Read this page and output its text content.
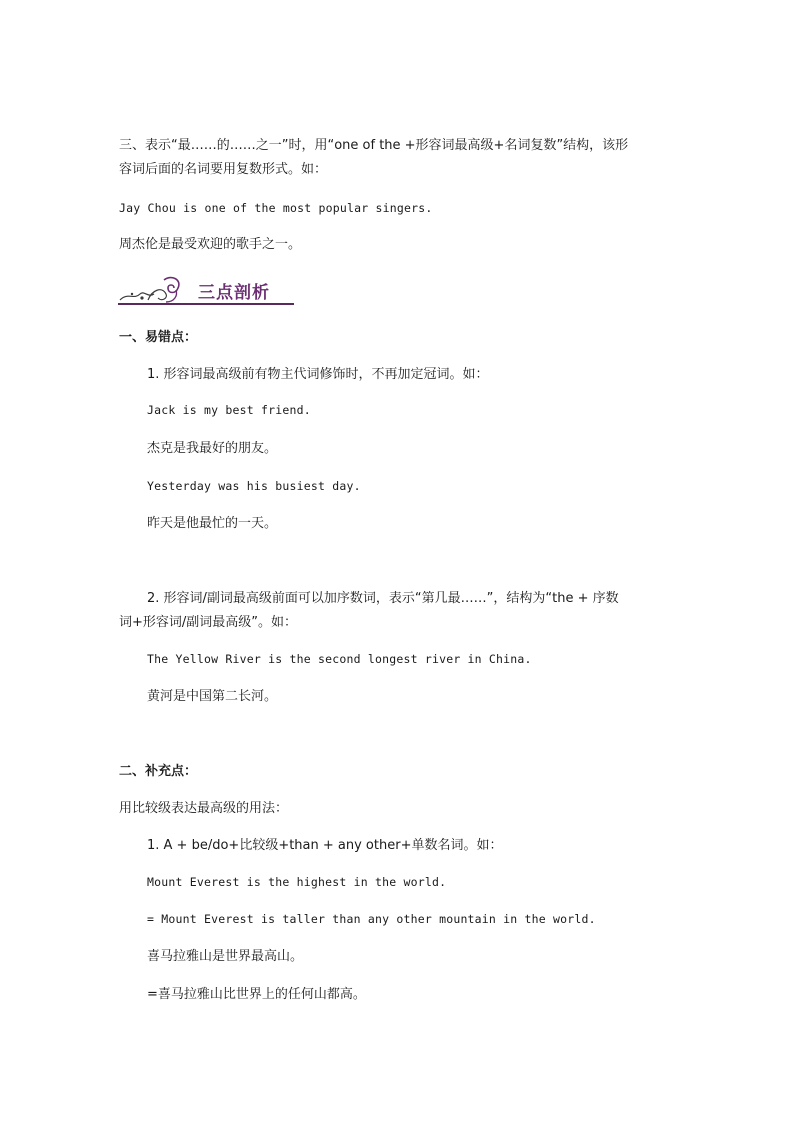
三、表示“最……的……之一”时，用“one of the +形容词最高级+名词复数”结构，该形
容词后面的名词要用复数形式。如：
Jay Chou is one of the most popular singers.
周杰伦是最受欢迎的歌手之一。
三点剖析
一、易错点：
1. 形容词最高级前有物主代词修饰时，不再加定冠词。如：
Jack is my best friend.
杰克是我最好的朋友。
Yesterday was his busiest day.
昨天是他最忙的一天。
2. 形容词/副词最高级前面可以加序数词，表示“第几最……”，结构为“the + 序数
词+形容词/副词最高级”。如：
The Yellow River is the second longest river in China.
黄河是中国第二长河。
二、补充点：
用比较级表达最高级的用法：
1. A + be/do+比较级+than + any other+单数名词。如：
Mount Everest is the highest in the world.
= Mount Everest is taller than any other mountain in the world.
喜马拉雅山是世界最高山。
=喜马拉雅山比世界上的任何山都高。
